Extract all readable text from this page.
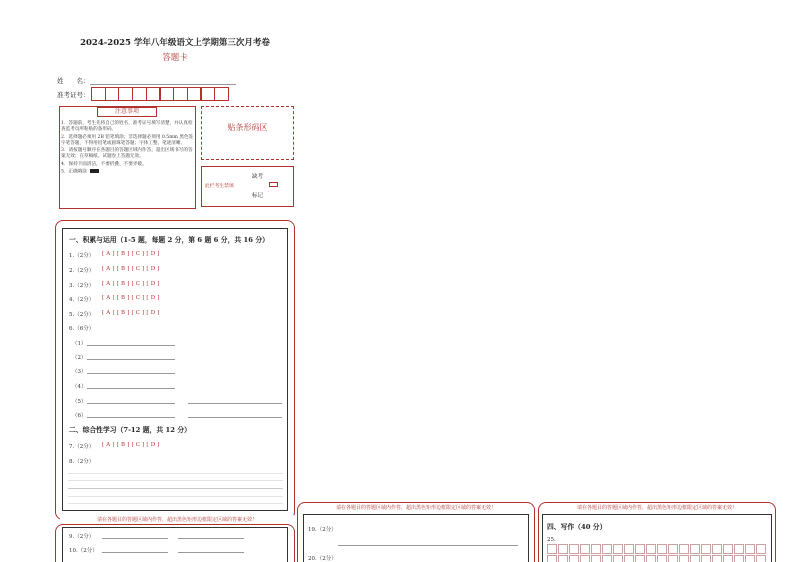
2024-2025 学年八年级语文上学期第三次月考卷
答题卡
姓　　名：
准考证号：
注意事项
1．答题前，考生先将自己的姓名，准考证号填写清楚，并认真检查监考员所粘贴的条形码。
2．选择题必须用 2B 铅笔填涂；非选择题必须用 0.5mm 黑色签字笔答题，不得用铅笔或圆珠笔答题；字体工整、笔迹清晰。
3．请按题号顺序在各题目的答题区域内作答，超出区域书写的答案无效；在草稿纸、试题卷上答题无效。
4．保持卡面清洁，不要折叠、不要弄破。
5．正确填涂
贴条形码区
此栏考生禁填
缺考
标记
一、积累与运用（1-5 题，每题 2 分，第 6 题 6 分，共 16 分）
1.（2分） [ A ] [ B ] [ C ] [ D ]
2.（2分） [ A ] [ B ] [ C ] [ D ]
3.（2分） [ A ] [ B ] [ C ] [ D ]
4.（2分） [ A ] [ B ] [ C ] [ D ]
5.（2分） [ A ] [ B ] [ C ] [ D ]
6.（6分）
（1）
（2）
（3）
（4）
（5）
（6）
二、综合性学习（7-12 题，共 12 分）
7.（2分） [ A ] [ B ] [ C ] [ D ]
8.（2分）
请在各题目的答题区域内作答，超出黑色矩形边框限定区域的答案无效！
9.（2分）
10.（2分）
请在各题目的答题区域内作答，超出黑色矩形边框限定区域的答案无效！
19.（2分）
20.（2分）
请在各题目的答题区域内作答，超出黑色矩形边框限定区域的答案无效！
四、写作（40 分）
25.
